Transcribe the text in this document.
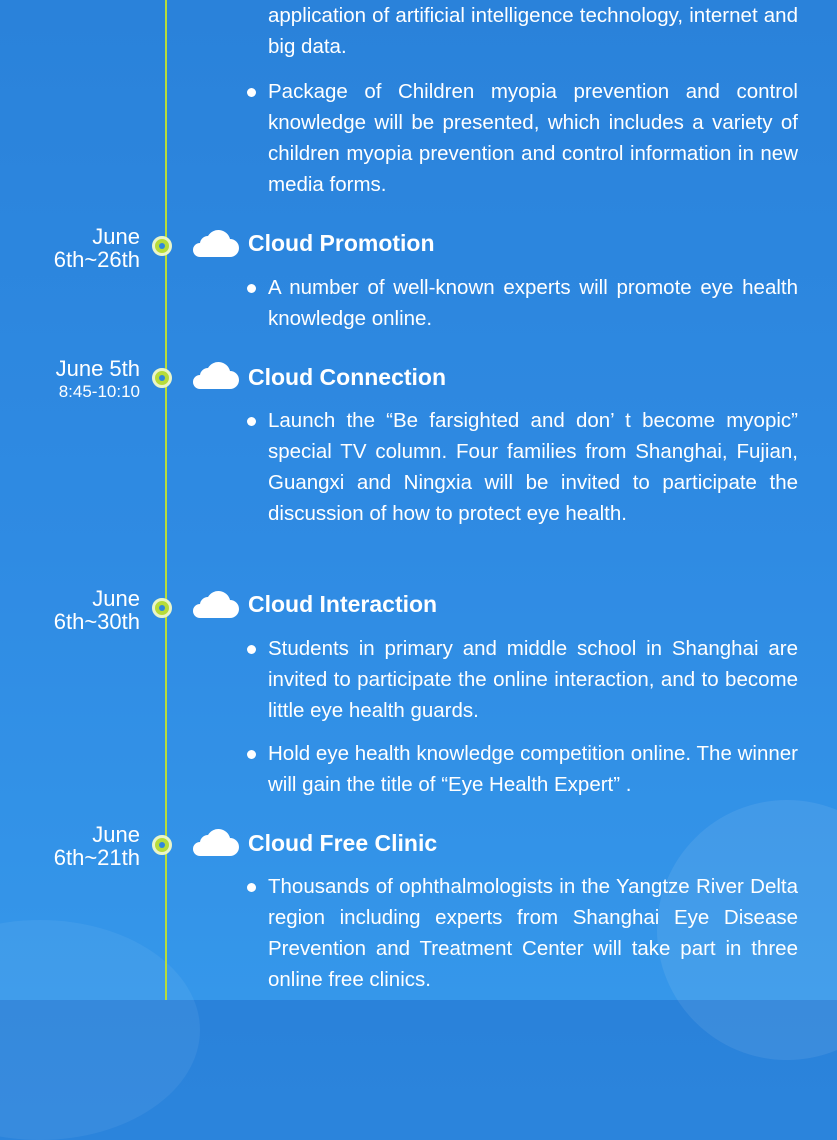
application of artificial intelligence technology, internet and big data.
Package of Children myopia prevention and control knowledge will be presented, which includes a variety of children myopia prevention and control information in new media forms.
June
6th~26th
Cloud Promotion
A number of well-known experts will promote eye health knowledge online.
June 5th
8:45-10:10
Cloud Connection
Launch the “Be farsighted and don’ t become myopic” special TV column. Four families from Shanghai, Fujian, Guangxi and Ningxia will be invited to participate the discussion of how to protect eye health.
June
6th~30th
Cloud Interaction
Students in primary and middle school in Shanghai are invited to participate the online interaction, and to become little eye health guards.
Hold eye health knowledge competition online. The winner will gain the title of “Eye Health Expert” .
June
6th~21th
Cloud Free Clinic
Thousands of ophthalmologists in the Yangtze River Delta region including experts from Shanghai Eye Disease Prevention and Treatment Center will take part in three online free clinics.
